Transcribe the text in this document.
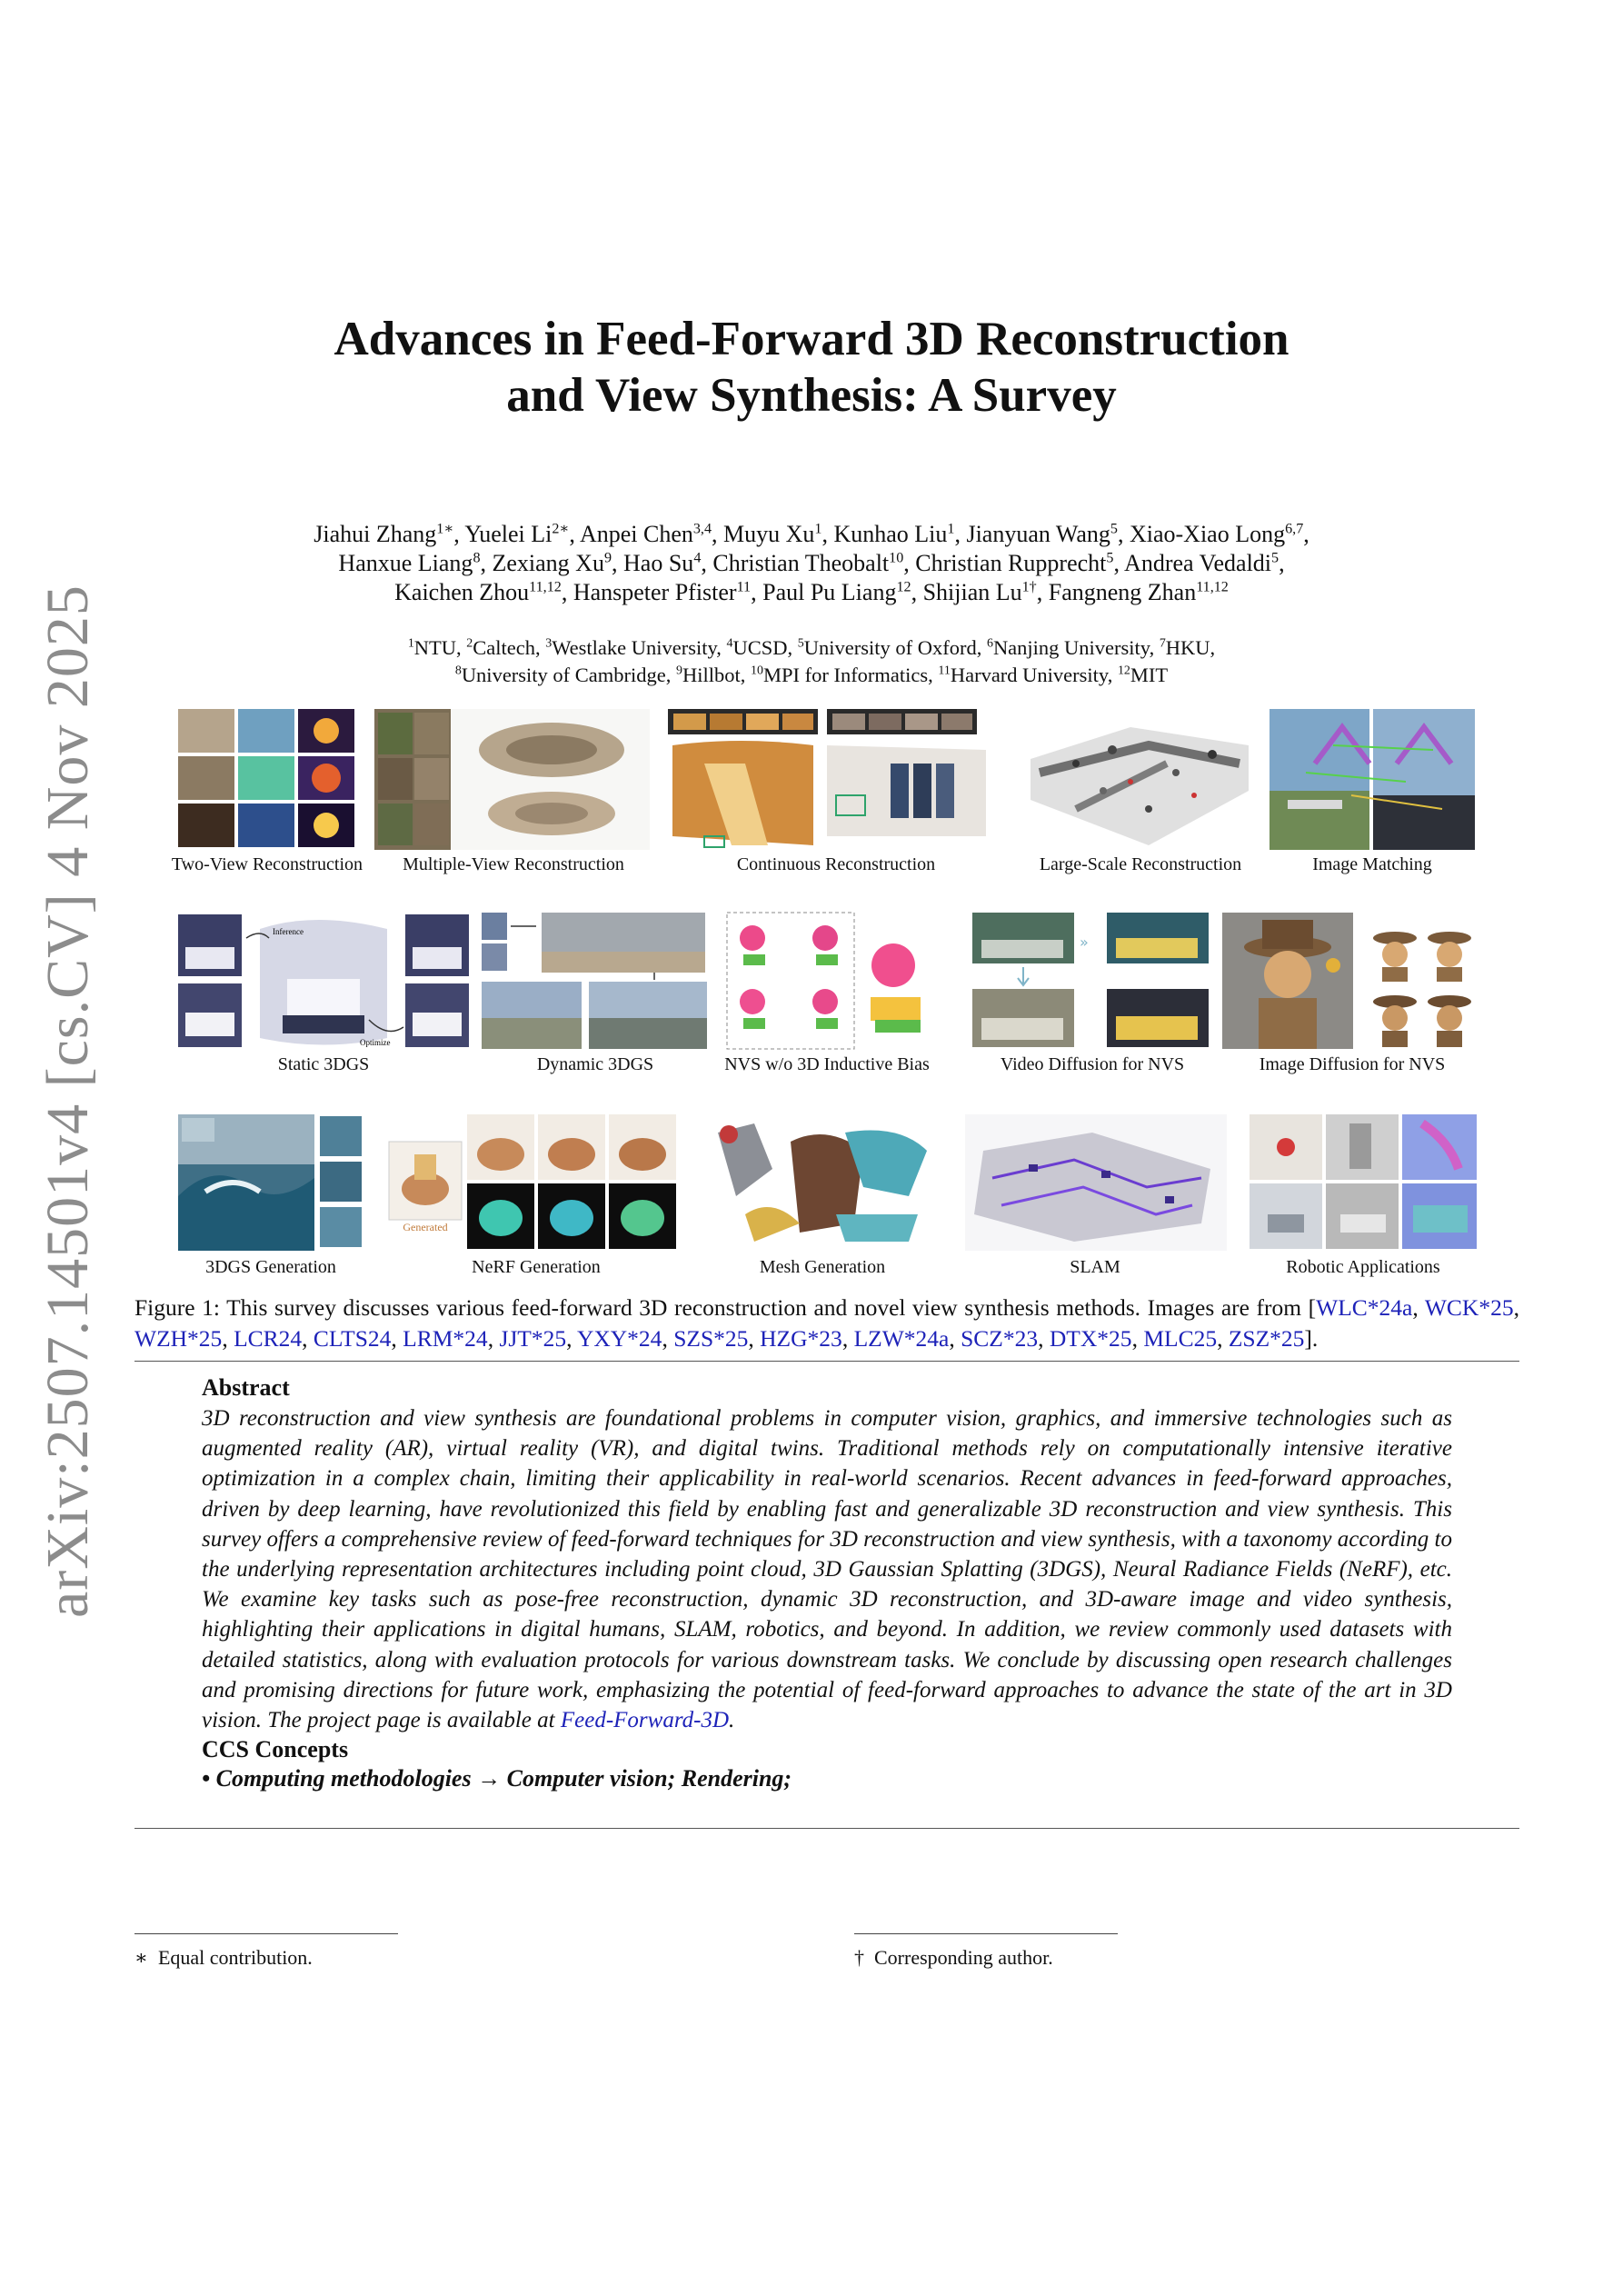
arXiv:2507.14501v4 [cs.CV] 4 Nov 2025
Advances in Feed-Forward 3D Reconstruction
and View Synthesis: A Survey
Jiahui Zhang$^{1∗}$, Yuelei $Li^{2∗}$, Anpei Chen$^{3,4}$, Muyu Xu$^1$, Kunhao Liu$^1$, Jianyuan Wang$^5$, Xiao-Xiao Long$^{6,7}$,
Hanxue Liang$^8$, Zexiang Xu$^9$, Hao Su$^4$, Christian Theobalt$^{10}$, Christian Rupprecht$^5$, Andrea Vedaldi$^5$,
Kaichen Zhou$^{11,12}$, Hanspeter Pfister$^{11}$, Paul Pu Liang$^{12}$, Shijian $Lu^{1\dagger}$, Fangneng Zhan$^{11,12}$
$^1$NTU, $^2$Caltech, $^3$Westlake University, $^4$UCSD, $^5$University of Oxford, $^6$Nanjing University, $^7$HKU,
$^8$University of Cambridge, $^9$Hillbot, $^{10}$MPI for Informatics, $^{11}$Harvard University, $^{12}$MIT
Two-View Reconstruction	Multiple-View Reconstruction	Continuous Reconstruction	Large-Scale Reconstruction	Image Matching
Inference
Optimize
»
Static 3DGS	Dynamic 3DGS	NVS w/o 3D Inductive Bias	Video Diffusion for NVS	Image Diffusion for NVS
Generated
3DGS Generation	NeRF Generation	Mesh Generation	SLAM	Robotic Applications
Figure 1: This survey discusses various feed-forward 3D reconstruction and novel view synthesis methods. Images are from [WLC*24a, WCK*25, WZH*25, LCR24, CLTS24, LRM*24, JJT*25, YXY*24, SZS*25, HZG*23, LZW*24a, SCZ*23, DTX*25, MLC25, ZSZ*25].
Abstract
3D reconstruction and view synthesis are foundational problems in computer vision, graphics, and immersive technologies such as augmented reality (AR), virtual reality (VR), and digital twins. Traditional methods rely on computationally intensive iterative optimization in a complex chain, limiting their applicability in real-world scenarios. Recent advances in feed-forward approaches, driven by deep learning, have revolutionized this field by enabling fast and generalizable 3D reconstruction and view synthesis. This survey offers a comprehensive review of feed-forward techniques for 3D reconstruction and view synthesis, with a taxonomy according to the underlying representation architectures including point cloud, 3D Gaussian Splatting (3DGS), Neural Radiance Fields (NeRF), etc. We examine key tasks such as pose-free reconstruction, dynamic 3D reconstruction, and 3D-aware image and video synthesis, highlighting their applications in digital humans, SLAM, robotics, and beyond. In addition, we review commonly used datasets with detailed statistics, along with evaluation protocols for various downstream tasks. We conclude by discussing open research challenges and promising directions for future work, emphasizing the potential of feed-forward approaches to advance the state of the art in 3D vision. The project page is available at Feed-Forward-3D.
CCS Concepts
• Computing methodologies → Computer vision; Rendering;
∗ Equal contribution.	† Corresponding author.
